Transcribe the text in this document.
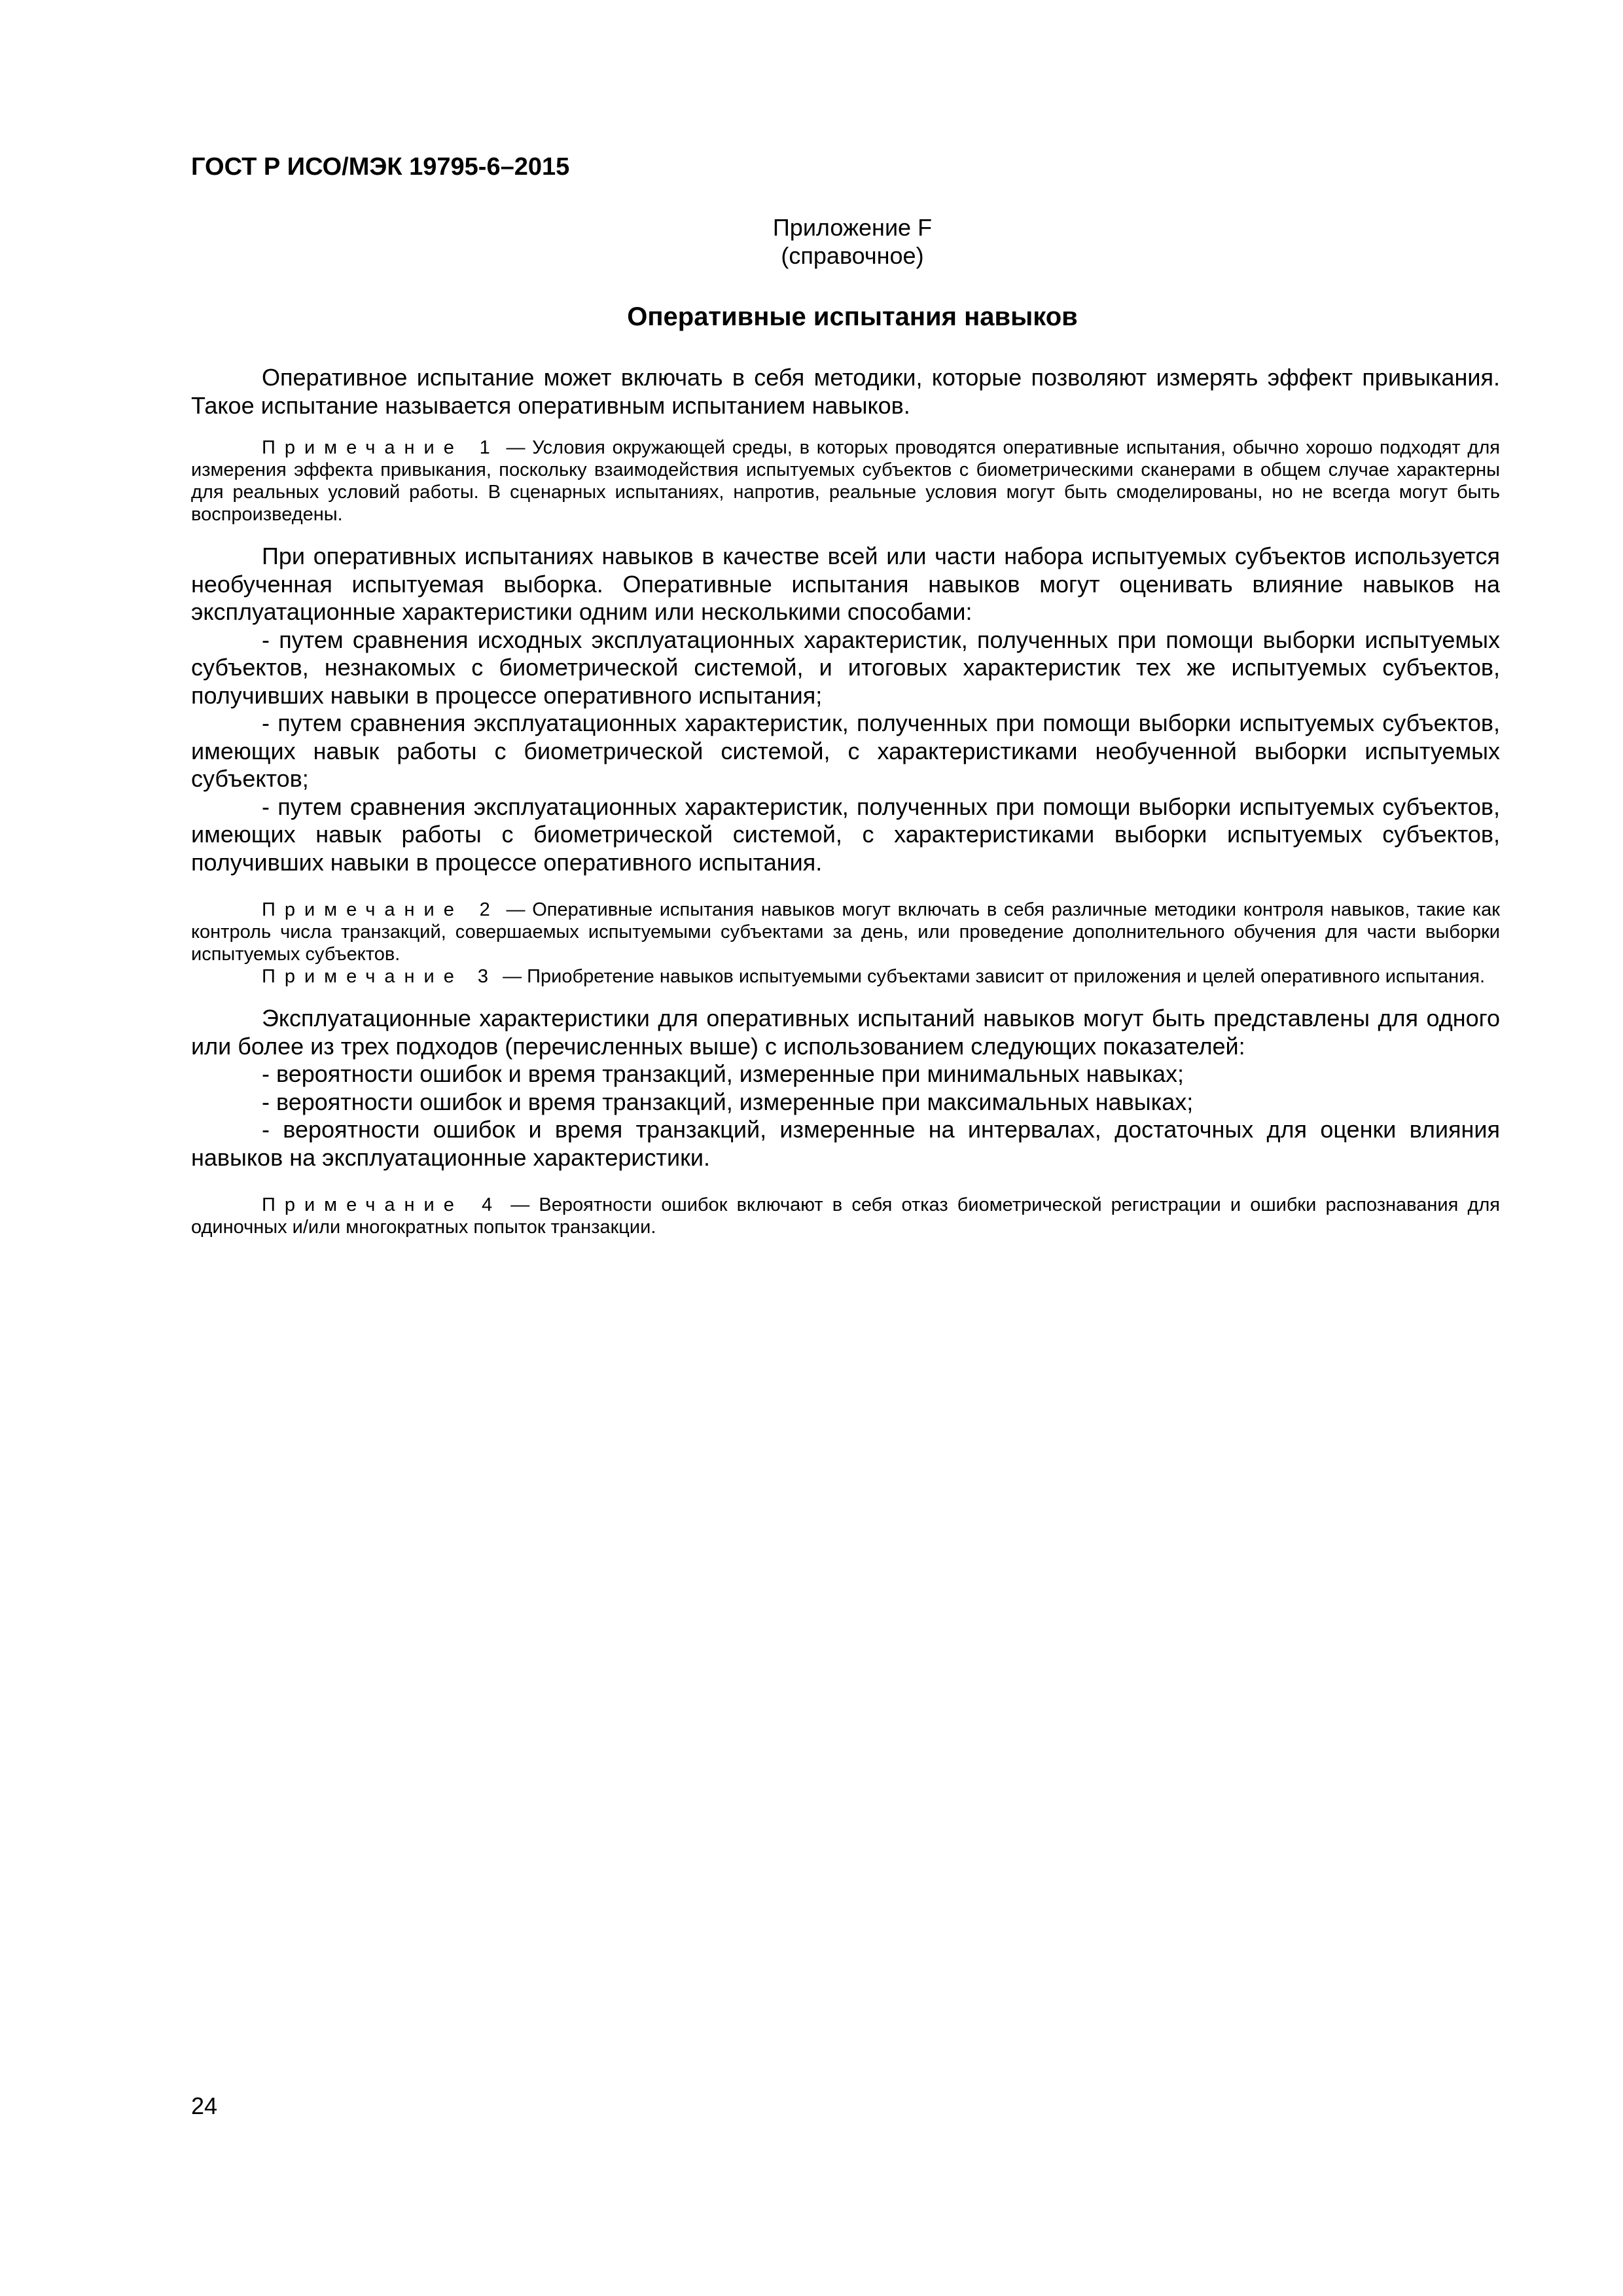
ГОСТ Р ИСО/МЭК 19795-6–2015
Приложение F
(справочное)
Оперативные испытания навыков

Оперативное испытание может включать в себя методики, которые позволяют измерять эффект привыкания. Такое испытание называется оперативным испытанием навыков.

Примечание 1 — Условия окружающей среды, в которых проводятся оперативные испытания, обычно хорошо подходят для измерения эффекта привыкания, поскольку взаимодействия испытуемых субъектов с биометрическими сканерами в общем случае характерны для реальных условий работы. В сценарных испытаниях, напротив, реальные условия могут быть смоделированы, но не всегда могут быть воспроизведены.

При оперативных испытаниях навыков в качестве всей или части набора испытуемых субъектов используется необученная испытуемая выборка. Оперативные испытания навыков могут оценивать влияние навыков на эксплуатационные характеристики одним или несколькими способами:

- путем сравнения исходных эксплуатационных характеристик, полученных при помощи выборки испытуемых субъектов, незнакомых с биометрической системой, и итоговых характеристик тех же испытуемых субъектов, получивших навыки в процессе оперативного испытания;

- путем сравнения эксплуатационных характеристик, полученных при помощи выборки испытуемых субъектов, имеющих навык работы с биометрической системой, с характеристиками необученной выборки испытуемых субъектов;

- путем сравнения эксплуатационных характеристик, полученных при помощи выборки испытуемых субъектов, имеющих навык работы с биометрической системой, с характеристиками выборки испытуемых субъектов, получивших навыки в процессе оперативного испытания.

Примечание 2 — Оперативные испытания навыков могут включать в себя различные методики контроля навыков, такие как контроль числа транзакций, совершаемых испытуемыми субъектами за день, или проведение дополнительного обучения для части выборки испытуемых субъектов.

Примечание 3 — Приобретение навыков испытуемыми субъектами зависит от приложения и целей оперативного испытания.

Эксплуатационные характеристики для оперативных испытаний навыков могут быть представлены для одного или более из трех подходов (перечисленных выше) с использованием следующих показателей:

- вероятности ошибок и время транзакций, измеренные при минимальных навыках;

- вероятности ошибок и время транзакций, измеренные при максимальных навыках;

- вероятности ошибок и время транзакций, измеренные на интервалах, достаточных для оценки влияния навыков на эксплуатационные характеристики.

Примечание 4 — Вероятности ошибок включают в себя отказ биометрической регистрации и ошибки распознавания для одиночных и/или многократных попыток транзакции.

24
